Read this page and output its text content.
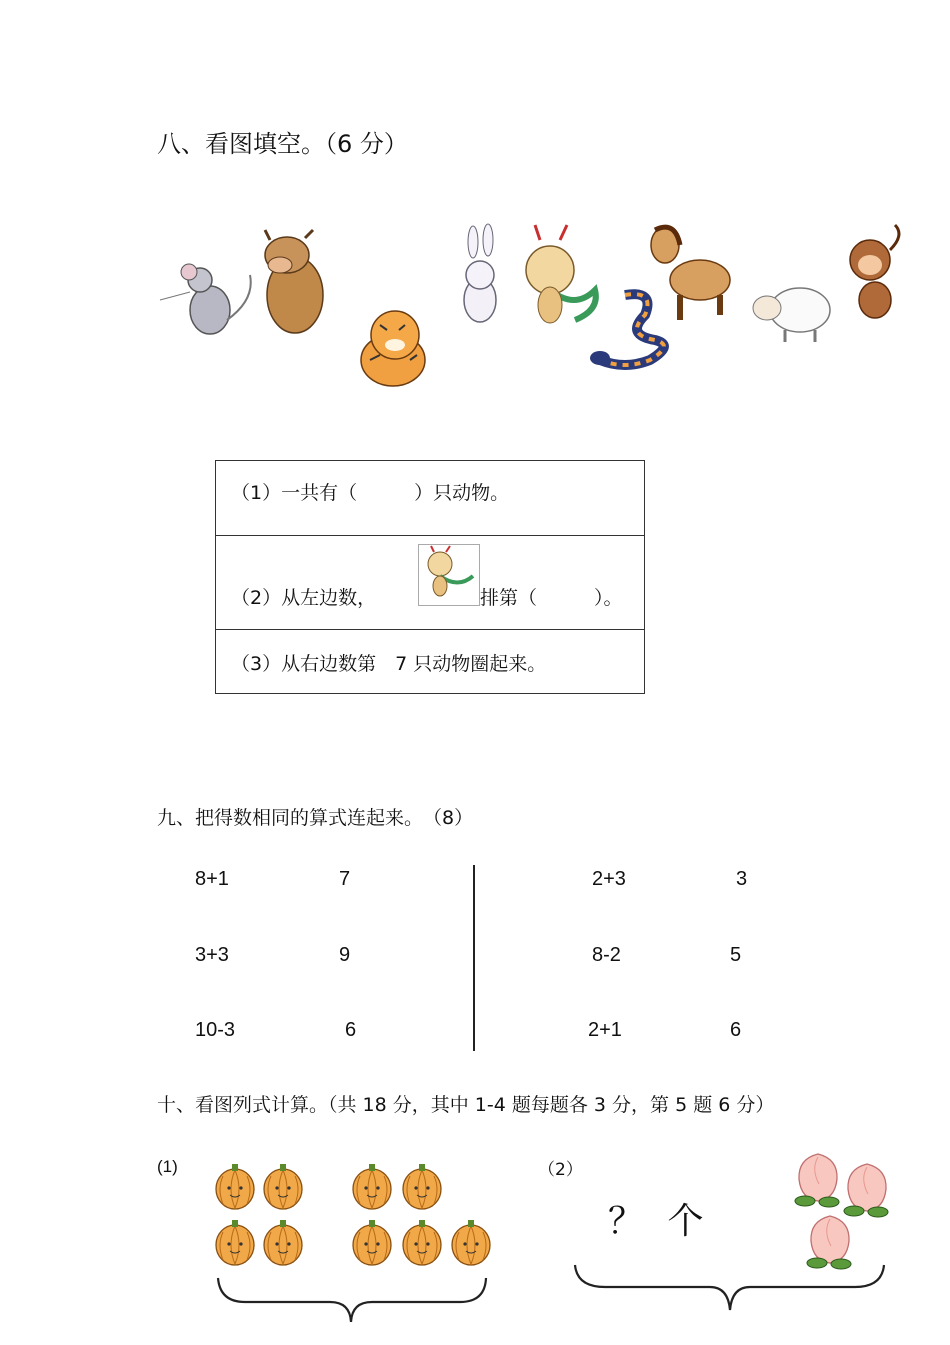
八、看图填空。（6 分）
（1）一共有（　　　）只动物。
（2）从左边数，	排第（　　　）。
（3）从右边数第　7 只动物圈起来。
九、把得数相同的算式连起来。　（8）
8+1
3+3
10-3
7
9
6
2+3
8-2
2+1
3
5
6
十、看图列式计算。（共 18 分，其中 1-4 题每题各 3 分，第 5 题 6 分）
(1)	（2）
？ 个
